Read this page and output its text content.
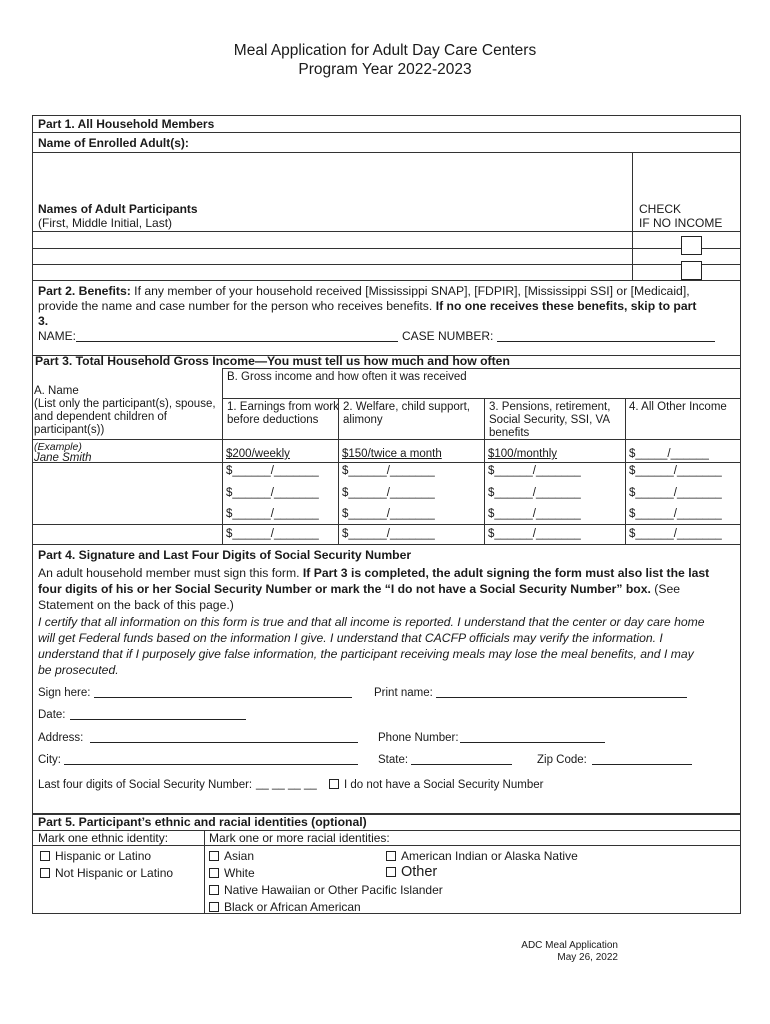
Meal Application for Adult Day Care Centers
Program Year 2022-2023
Part 1. All Household Members
Name of Enrolled Adult(s):
Names of Adult Participants
(First, Middle Initial, Last)
CHECK
IF NO INCOME
Part 2. Benefits: If any member of your household received [Mississippi SNAP], [FDPIR], [Mississippi SSI] or [Medicaid],
provide the name and case number for the person who receives benefits. If no one receives these benefits, skip to part
3.
NAME:	CASE NUMBER:
Part 3. Total Household Gross Income—You must tell us how much and how often
B. Gross income and how often it was received
A. Name
(List only the participant(s), spouse,
and dependent children of
participant(s))
1. Earnings from work
before deductions
2. Welfare, child support,
alimony
3. Pensions, retirement,
Social Security, SSI, VA
benefits
4. All Other Income
(Example)
Jane Smith	$200/weekly	$150/twice a month	$100/monthly	$_____/______
$______/_______ $______/_______	$______/_______	$______/_______
$______/_______ $______/_______	$______/_______	$______/_______
$______/_______ $______/_______	$______/_______	$______/_______
$______/_______ $______/_______	$______/_______	$______/_______
Part 4. Signature and Last Four Digits of Social Security Number
An adult household member must sign this form. If Part 3 is completed, the adult signing the form must also list the last
four digits of his or her Social Security Number or mark the “I do not have a Social Security Number” box. (See
Statement on the back of this page.)
I certify that all information on this form is true and that all income is reported. I understand that the center or day care home
will get Federal funds based on the information I give. I understand that CACFP officials may verify the information. I
understand that if I purposely give false information, the participant receiving meals may lose the meal benefits, and I may
be prosecuted.
Sign here:	Print name:
Date:
Address:	Phone Number:
City:	State:	Zip Code:
Last four digits of Social Security Number: __ __ __ __	I do not have a Social Security Number
Part 5. Participant’s ethnic and racial identities (optional)
Mark one ethnic identity:	Mark one or more racial identities:
Hispanic or Latino
Not Hispanic or Latino
Asian	American Indian or Alaska Native
White	Other
Native Hawaiian or Other Pacific Islander
Black or African American
ADC Meal Application
May 26, 2022
